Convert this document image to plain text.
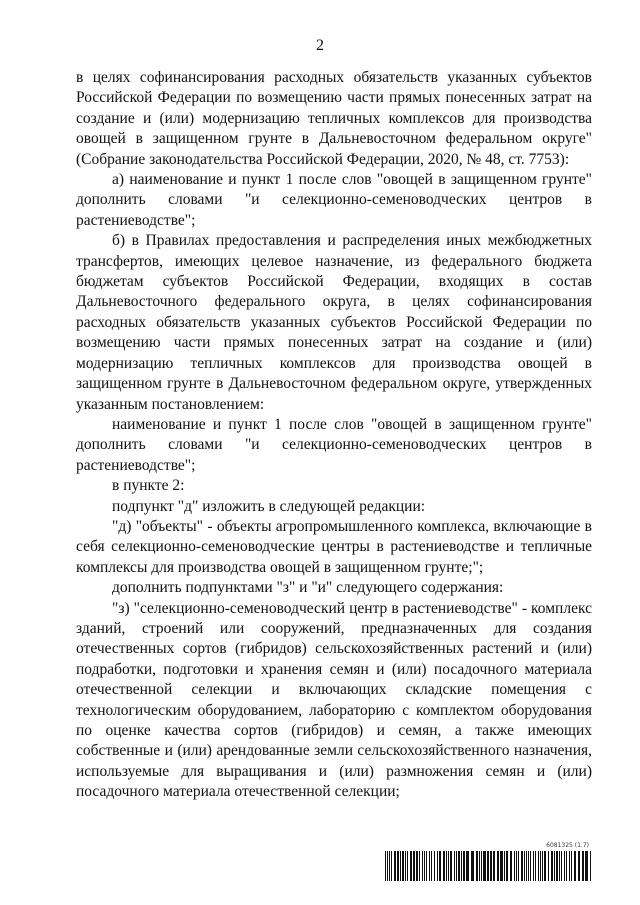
2

в целях софинансирования расходных обязательств указанных субъектов Российской Федерации по возмещению части прямых понесенных затрат на создание и (или) модернизацию тепличных комплексов для производства овощей в защищенном грунте в Дальневосточном федеральном округе" (Собрание законодательства Российской Федерации, 2020, № 48, ст. 7753):

а) наименование и пункт 1 после слов "овощей в защищенном грунте" дополнить словами "и селекционно-семеноводческих центров в растениеводстве";

б) в Правилах предоставления и распределения иных межбюджетных трансфертов, имеющих целевое назначение, из федерального бюджета бюджетам субъектов Российской Федерации, входящих в состав Дальневосточного федерального округа, в целях софинансирования расходных обязательств указанных субъектов Российской Федерации по возмещению части прямых понесенных затрат на создание и (или) модернизацию тепличных комплексов для производства овощей в защищенном грунте в Дальневосточном федеральном округе, утвержденных указанным постановлением:

наименование и пункт 1 после слов "овощей в защищенном грунте" дополнить словами "и селекционно-семеноводческих центров в растениеводстве";

в пункте 2:

подпункт "д" изложить в следующей редакции:

"д) "объекты" - объекты агропромышленного комплекса, включающие в себя селекционно-семеноводческие центры в растениеводстве и тепличные комплексы для производства овощей в защищенном грунте;";

дополнить подпунктами "з" и "и" следующего содержания:

"з) "селекционно-семеноводческий центр в растениеводстве" - комплекс зданий, строений или сооружений, предназначенных для создания отечественных сортов (гибридов) сельскохозяйственных растений и (или) подработки, подготовки и хранения семян и (или) посадочного материала отечественной селекции и включающих складские помещения с технологическим оборудованием, лабораторию с комплектом оборудования по оценке качества сортов (гибридов) и семян, а также имеющих собственные и (или) арендованные земли сельскохозяйственного назначения, используемые для выращивания и (или) размножения семян и (или) посадочного материала отечественной селекции;

6081325 (1.7)
